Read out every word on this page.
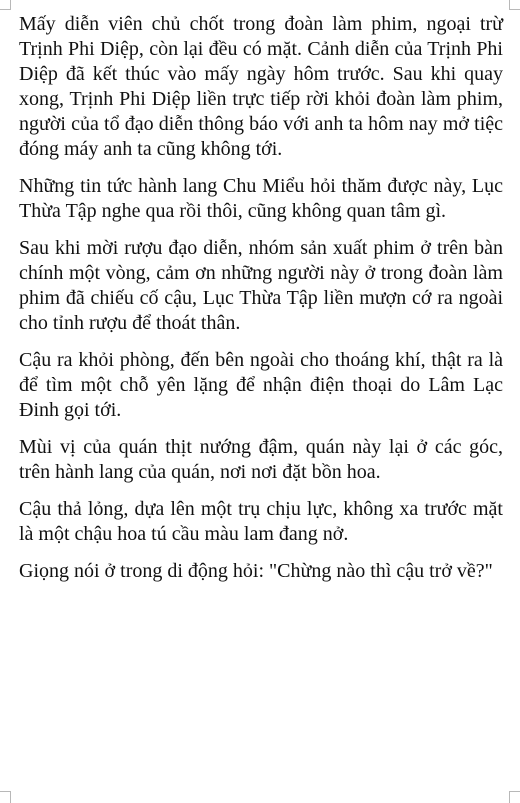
Mấy diễn viên chủ chốt trong đoàn làm phim, ngoại trừ Trịnh Phi Diệp, còn lại đều có mặt. Cảnh diễn của Trịnh Phi Diệp đã kết thúc vào mấy ngày hôm trước. Sau khi quay xong, Trịnh Phi Diệp liền trực tiếp rời khỏi đoàn làm phim, người của tổ đạo diễn thông báo với anh ta hôm nay mở tiệc đóng máy anh ta cũng không tới.

Những tin tức hành lang Chu Miểu hỏi thăm được này, Lục Thừa Tập nghe qua rồi thôi, cũng không quan tâm gì.

Sau khi mời rượu đạo diễn, nhóm sản xuất phim ở trên bàn chính một vòng, cảm ơn những người này ở trong đoàn làm phim đã chiếu cố cậu, Lục Thừa Tập liền mượn cớ ra ngoài cho tỉnh rượu để thoát thân.

Cậu ra khỏi phòng, đến bên ngoài cho thoáng khí, thật ra là để tìm một chỗ yên lặng để nhận điện thoại do Lâm Lạc Đinh gọi tới.

Mùi vị của quán thịt nướng đậm, quán này lại ở các góc, trên hành lang của quán, nơi nơi đặt bồn hoa.

Cậu thả lỏng, dựa lên một trụ chịu lực, không xa trước mặt là một chậu hoa tú cầu màu lam đang nở.

Giọng nói ở trong di động hỏi: "Chừng nào thì cậu trở về?"
